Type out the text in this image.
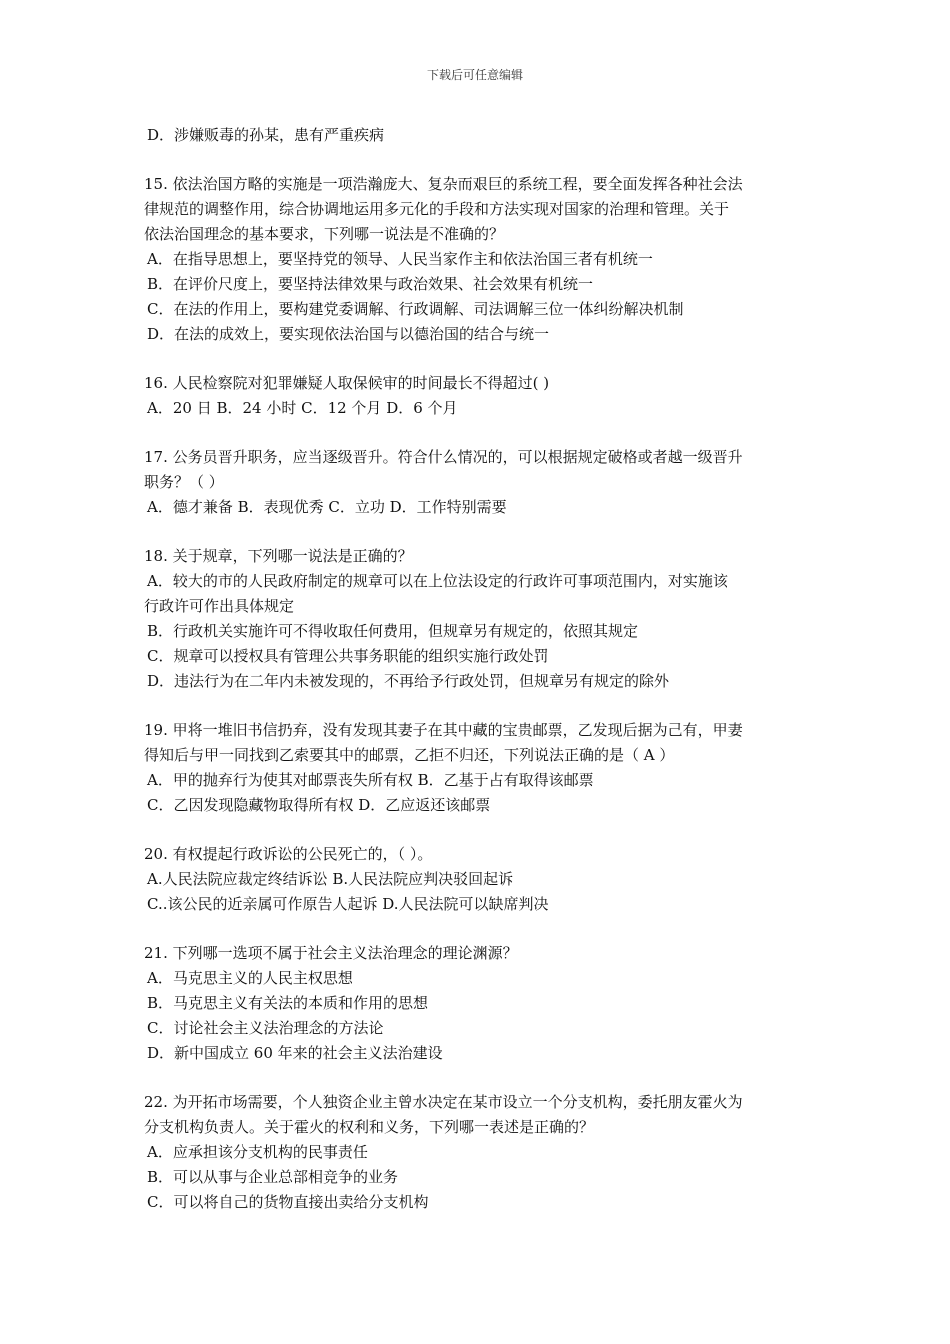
下载后可任意编辑
D．涉嫌贩毒的孙某，患有严重疾病
15. 依法治国方略的实施是一项浩瀚庞大、复杂而艰巨的系统工程，要全面发挥各种社会法
律规范的调整作用，综合协调地运用多元化的手段和方法实现对国家的治理和管理。关于
依法治国理念的基本要求，下列哪一说法是不准确的？
A．在指导思想上，要坚持党的领导、人民当家作主和依法治国三者有机统一
B．在评价尺度上，要坚持法律效果与政治效果、社会效果有机统一
C．在法的作用上，要构建党委调解、行政调解、司法调解三位一体纠纷解决机制
D．在法的成效上，要实现依法治国与以德治国的结合与统一
16. 人民检察院对犯罪嫌疑人取保候审的时间最长不得超过( )
A．20 日 B．24 小时 C．12 个月 D．6 个月
17. 公务员晋升职务，应当逐级晋升。符合什么情况的，可以根据规定破格或者越一级晋升
职务？（ ）
A．德才兼备 B．表现优秀 C．立功 D．工作特别需要
18. 关于规章，下列哪一说法是正确的？
A．较大的市的人民政府制定的规章可以在上位法设定的行政许可事项范围内，对实施该
行政许可作出具体规定
B．行政机关实施许可不得收取任何费用，但规章另有规定的，依照其规定
C．规章可以授权具有管理公共事务职能的组织实施行政处罚
D．违法行为在二年内未被发现的，不再给予行政处罚，但规章另有规定的除外
19. 甲将一堆旧书信扔弃，没有发现其妻子在其中藏的宝贵邮票，乙发现后据为己有，甲妻
得知后与甲一同找到乙索要其中的邮票，乙拒不归还，下列说法正确的是（ A ）
A．甲的抛弃行为使其对邮票丧失所有权 B．乙基于占有取得该邮票
C．乙因发现隐藏物取得所有权 D．乙应返还该邮票
20. 有权提起行政诉讼的公民死亡的，（ ）。
A.人民法院应裁定终结诉讼 B.人民法院应判决驳回起诉
C..该公民的近亲属可作原告人起诉 D.人民法院可以缺席判决
21. 下列哪一选项不属于社会主义法治理念的理论渊源？
A．马克思主义的人民主权思想
B．马克思主义有关法的本质和作用的思想
C．讨论社会主义法治理念的方法论
D．新中国成立 60 年来的社会主义法治建设
22. 为开拓市场需要，个人独资企业主曾水决定在某市设立一个分支机构，委托朋友霍火为
分支机构负责人。关于霍火的权利和义务，下列哪一表述是正确的？
A．应承担该分支机构的民事责任
B．可以从事与企业总部相竞争的业务
C．可以将自己的货物直接出卖给分支机构
